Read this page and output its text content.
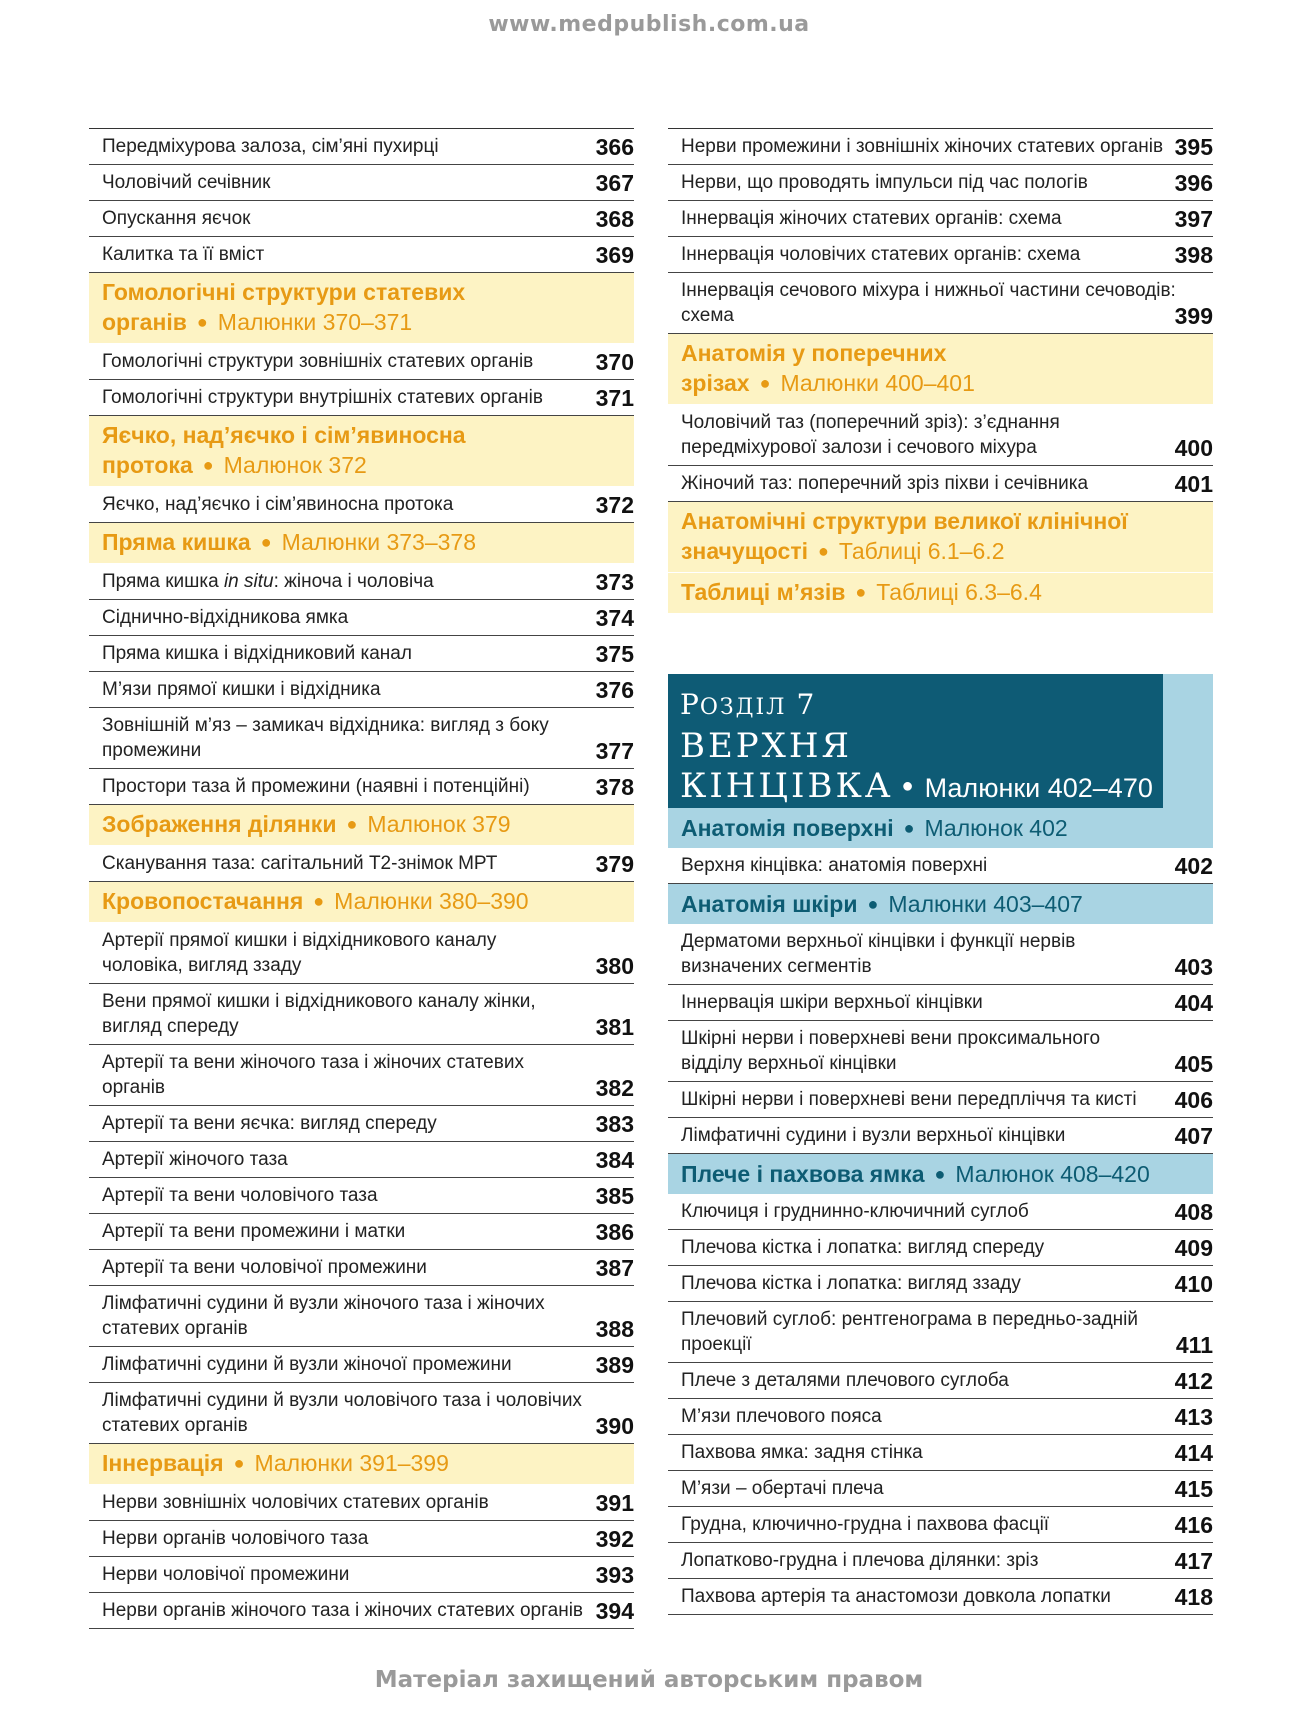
www.medpublish.com.ua
Передміхурова залоза, сім’яні пухирці	366
Чоловічий сечівник	367
Опускання яєчок	368
Калитка та її вміст	369
Гомологічні структури статевих
органів ● Малюнки 370–371
Гомологічні структури зовнішніх статевих органів	370
Гомологічні структури внутрішніх статевих органів	371
Яєчко, над’яєчко і сім’явиносна
протока ● Малюнок 372
Яєчко, над’яєчко і сім’явиносна протока	372
Пряма кишка ● Малюнки 373–378
Пряма кишка in situ: жіноча і чоловіча	373
Сіднично-відхідникова ямка	374
Пряма кишка і відхідниковий канал	375
М’язи прямої кишки і відхідника	376
Зовнішній м’яз – замикач відхідника: вигляд з боку
промежини	377
Простори таза й промежини (наявні і потенційні)	378
Зображення ділянки ● Малюнок 379
Сканування таза: сагітальний T2-знімок МРТ	379
Кровопостачання ● Малюнки 380–390
Артерії прямої кишки і відхідникового каналу
чоловіка, вигляд ззаду	380
Вени прямої кишки і відхідникового каналу жінки,
вигляд спереду	381
Артерії та вени жіночого таза і жіночих статевих
органів	382
Артерії та вени яєчка: вигляд спереду	383
Артерії жіночого таза	384
Артерії та вени чоловічого таза	385
Артерії та вени промежини і матки	386
Артерії та вени чоловічої промежини	387
Лімфатичні судини й вузли жіночого таза і жіночих
статевих органів	388
Лімфатичні судини й вузли жіночої промежини	389
Лімфатичні судини й вузли чоловічого таза і чоловічих
статевих органів	390
Іннервація ● Малюнки 391–399
Нерви зовнішніх чоловічих статевих органів	391
Нерви органів чоловічого таза	392
Нерви чоловічої промежини	393
Нерви органів жіночого таза і жіночих статевих органів 394
Нерви промежини і зовнішніх жіночих статевих органів 395
Нерви, що проводять імпульси під час пологів	396
Іннервація жіночих статевих органів: схема	397
Іннервація чоловічих статевих органів: схема	398
Іннервація сечового міхура і нижньої частини сечоводів:
схема	399
Анатомія у поперечних
зрізах ● Малюнки 400–401
Чоловічий таз (поперечний зріз): з’єднання
передміхурової залози і сечового міхура	400
Жіночий таз: поперечний зріз піхви і сечівника	401
Анатомічні структури великої клінічної
значущості ● Таблиці 6.1–6.2
Таблиці м’язів ● Таблиці 6.3–6.4
РОЗДІЛ 7
ВЕРХНЯ
КІНЦІВКА ● Малюнки 402–470
Анатомія поверхні ● Малюнок 402
Верхня кінцівка: анатомія поверхні	402
Анатомія шкіри ● Малюнки 403–407
Дерматоми верхньої кінцівки і функції нервів
визначених сегментів	403
Іннервація шкіри верхньої кінцівки	404
Шкірні нерви і поверхневі вени проксимального
відділу верхньої кінцівки	405
Шкірні нерви і поверхневі вени передпліччя та кисті	406
Лімфатичні судини і вузли верхньої кінцівки	407
Плече і пахвова ямка ● Малюнок 408–420
Ключиця і груднинно-ключичний суглоб	408
Плечова кістка і лопатка: вигляд спереду	409
Плечова кістка і лопатка: вигляд ззаду	410
Плечовий суглоб: рентгенограма в передньо-задній
проекції	411
Плече з деталями плечового суглоба	412
М’язи плечового пояса	413
Пахвова ямка: задня стінка	414
М’язи – обертачі плеча	415
Грудна, ключично-грудна і пахвова фасції	416
Лопатково-грудна і плечова ділянки: зріз	417
Пахвова артерія та анастомози довкола лопатки	418
Матеріал захищений авторським правом
